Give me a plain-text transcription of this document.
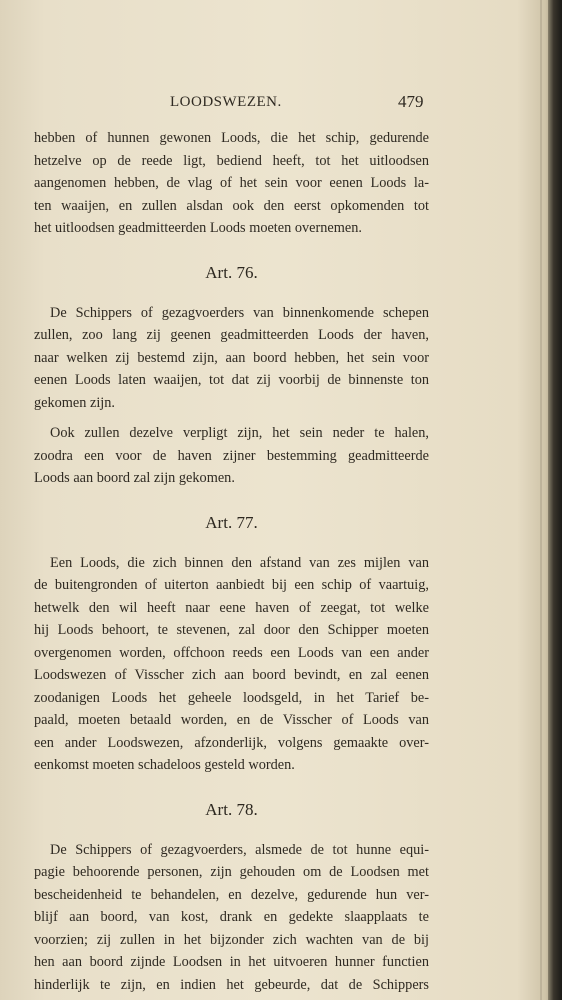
LOODSWEZEN.	479
hebben of hunnen gewonen Loods, die het schip, gedurende
hetzelve op de reede ligt, bediend heeft, tot het uitloodsen
aangenomen hebben, de vlag of het sein voor eenen Loods la-
ten waaijen, en zullen alsdan ook den eerst opkomenden tot
het uitloodsen geadmitteerden Loods moeten overnemen.
Art. 76.
De Schippers of gezagvoerders van binnenkomende schepen
zullen, zoo lang zij geenen geadmitteerden Loods der haven,
naar welken zij bestemd zijn, aan boord hebben, het sein voor
eenen Loods laten waaijen, tot dat zij voorbij de binnenste ton
gekomen zijn.
Ook zullen dezelve verpligt zijn, het sein neder te halen,
zoodra een voor de haven zijner bestemming geadmitteerde
Loods aan boord zal zijn gekomen.
Art. 77.
Een Loods, die zich binnen den afstand van zes mijlen van
de buitengronden of uiterton aanbiedt bij een schip of vaartuig,
hetwelk den wil heeft naar eene haven of zeegat, tot welke
hij Loods behoort, te stevenen, zal door den Schipper moeten
overgenomen worden, offchoon reeds een Loods van een ander
Loodswezen of Visscher zich aan boord bevindt, en zal eenen
zoodanigen Loods het geheele loodsgeld, in het Tarief be-
paald, moeten betaald worden, en de Visscher of Loods van
een ander Loodswezen, afzonderlijk, volgens gemaakte over-
eenkomst moeten schadeloos gesteld worden.
Art. 78.
De Schippers of gezagvoerders, alsmede de tot hunne equi-
pagie behoorende personen, zijn gehouden om de Loodsen met
bescheidenheid te behandelen, en dezelve, gedurende hun ver-
blijf aan boord, van kost, drank en gedekte slaapplaats te
voorzien; zij zullen in het bijzonder zich wachten van de bij
hen aan boord zijnde Loodsen in het uitvoeren hunner functien
hinderlijk te zijn, en indien het gebeurde, dat de Schippers
